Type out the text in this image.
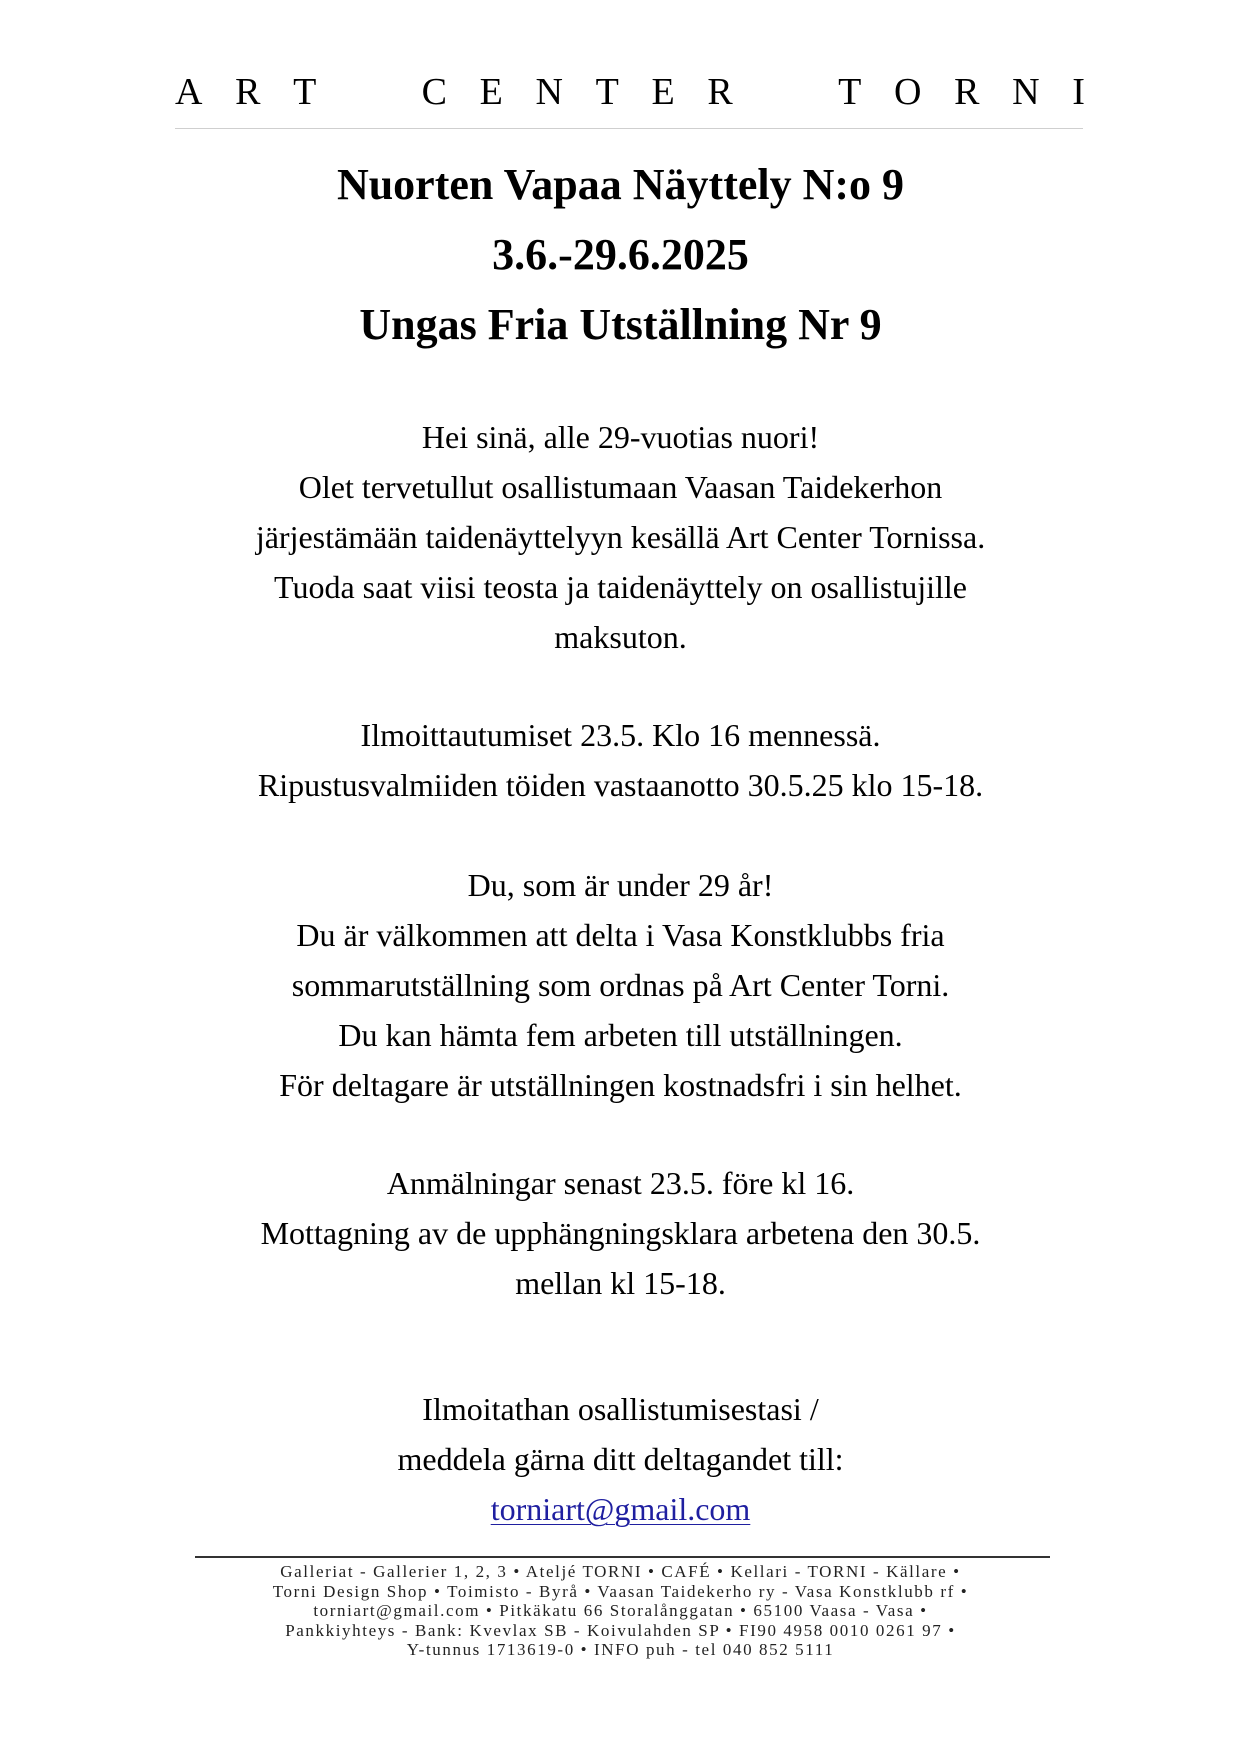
A R T	C E N T E R	T O R N I
Nuorten Vapaa Näyttely N:o 9
3.6.-29.6.2025
Ungas Fria Utställning Nr 9
Hei sinä, alle 29-vuotias nuori!
Olet tervetullut osallistumaan Vaasan Taidekerhon
järjestämään taidenäyttelyyn kesällä Art Center Tornissa.
Tuoda saat viisi teosta ja taidenäyttely on osallistujille
maksuton.
Ilmoittautumiset 23.5. Klo 16 mennessä.
Ripustusvalmiiden töiden vastaanotto 30.5.25 klo 15-18.
Du, som är under 29 år!
Du är välkommen att delta i Vasa Konstklubbs fria
sommarutställning som ordnas på Art Center Torni.
Du kan hämta fem arbeten till utställningen.
För deltagare är utställningen kostnadsfri i sin helhet.
Anmälningar senast 23.5. före kl 16.
Mottagning av de upphängningsklara arbetena den 30.5.
mellan kl 15-18.
Ilmoitathan osallistumisestasi /
meddela gärna ditt deltagandet till:
torniart@gmail.com
Galleriat - Gallerier 1, 2, 3 • Ateljé TORNI • CAFÉ • Kellari - TORNI - Källare •
Torni Design Shop • Toimisto - Byrå • Vaasan Taidekerho ry - Vasa Konstklubb rf •
torniart@gmail.com • Pitkäkatu 66 Storalånggatan • 65100 Vaasa - Vasa •
Pankkiyhteys - Bank: Kvevlax SB - Koivulahden SP • FI90 4958 0010 0261 97 •
Y-tunnus 1713619-0 • INFO puh - tel 040 852 5111
